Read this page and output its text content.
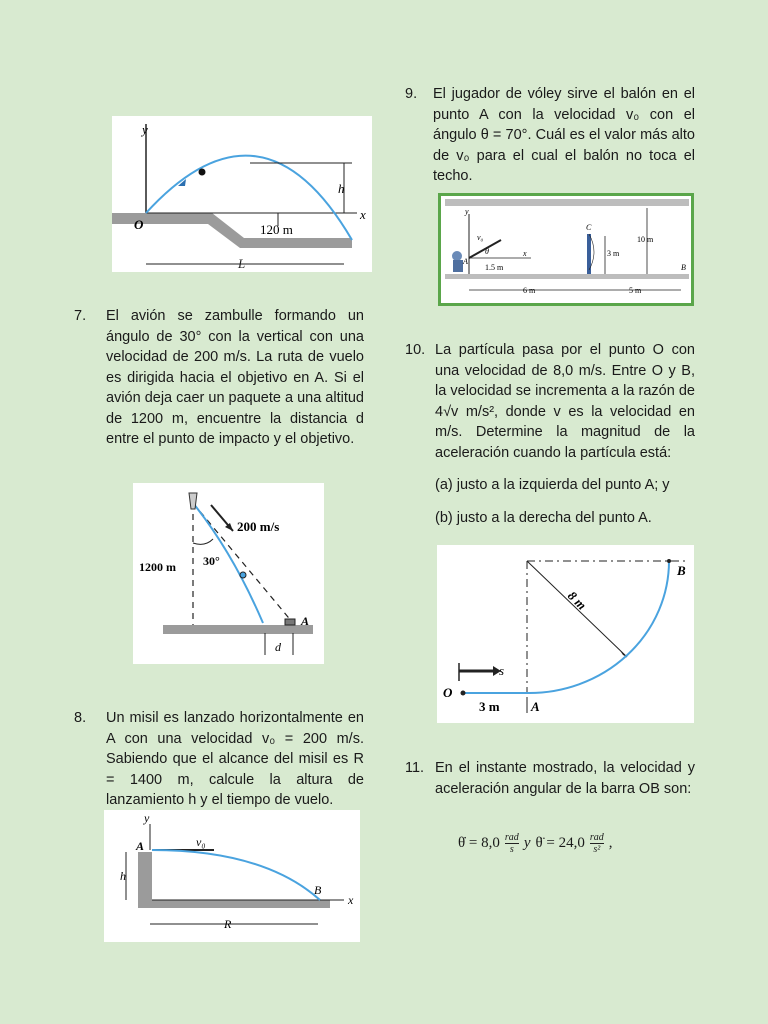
y
x
O
h
120 m
L
7. El avión se zambulle formando un ángulo de 30° con la vertical con una velocidad de 200 m/s. La ruta de vuelo es dirigida hacia el objetivo en A. Si el avión deja caer un paquete a una altitud de 1200 m, encuentre la distancia d entre el punto de impacto y el objetivo.
200 m/s
30°
1200 m
A
d
8. Un misil es lanzado horizontalmente en A con una velocidad v₀ = 200 m/s. Sabiendo que el alcance del misil es R = 1400 m, calcule la altura de lanzamiento h y el tiempo de vuelo.
y
x
A	v₀
B
h
R
9. El jugador de vóley sirve el balón en el punto A con la velocidad v₀ con el ángulo θ = 70°. Cuál es el valor más alto de v₀ para el cual el balón no toca el techo.
y
v₀
θ
A
x
1.5 m
C
3 m
10 m
B
6 m	5 m
10. La partícula pasa por el punto O con una velocidad de 8,0 m/s. Entre O y B, la velocidad se incrementa a la razón de 4√v m/s², donde v es la velocidad en m/s. Determine la magnitud de la aceleración cuando la partícula está:
(a) justo a la izquierda del punto A; y
(b) justo a la derecha del punto A.
8 m
B
s
O
3 m A
11. En el instante mostrado, la velocidad y aceleración angular de la barra OB son:
θ̇ = 8,0 rad
s y θ̈ = 24,0 rad
s² ,
